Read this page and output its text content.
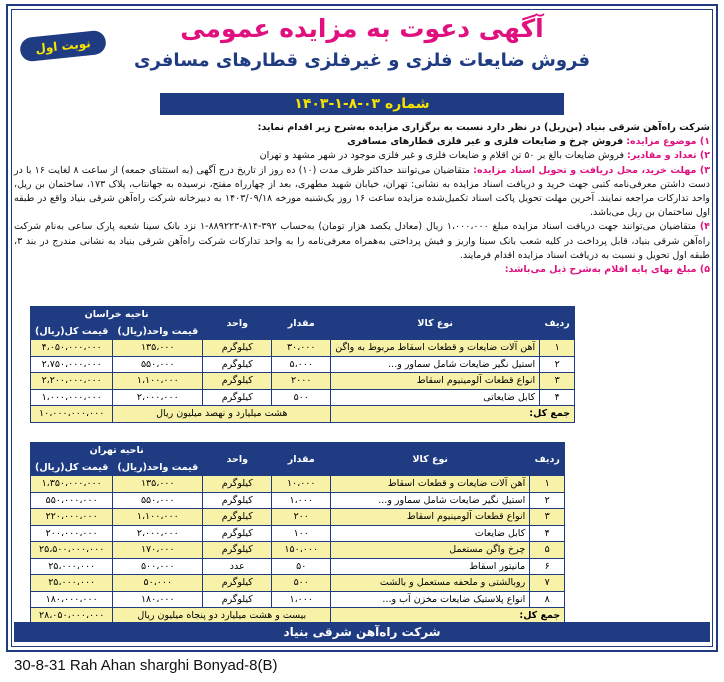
نوبت اول
آگهی دعوت به مزایده عمومی
فروش ضایعات فلزی و غیرفلزی قطارهای مسافری
شماره ۰۳-۸-۱-۱۴۰۳

شرکت راه‌آهن شرقی بنیاد (بن‌ریل) در نظر دارد نسبت به برگزاری مزایده به‌شرح زیر اقدام نماید:

۱) موضوع مزایده: فروش چرخ و ضایعات فلزی و غیر فلزی قطارهای مسافری

۲) تعداد و مقادیر: فروش ضایعات بالغ بر ۵۰ تن اقلام و ضایعات فلزی و غیر فلزی موجود در شهر مشهد و تهران

۳) مهلت خرید، محل دریافت و تحویل اسناد مزایده: متقاضیان می‌توانند حداکثر ظرف مدت (۱۰) ده روز از تاریخ درج آگهی (به استثنای جمعه) از ساعت ۸ لغایت ۱۶ با در دست داشتن معرفی‌نامه کتبی جهت خرید و دریافت اسناد مزایده به نشانی: تهران، خیابان شهید مطهری، بعد از چهارراه مفتح، نرسیده به جهانتاب، پلاک ۱۷۳، ساختمان بن ریل، واحد تدارکات مراجعه نمایند. آخرین مهلت تحویل پاکت اسناد تکمیل‌شده مزایده ساعت ۱۶ روز یک‌شنبه مورخه ۱۴۰۳/۰۹/۱۸ به دبیرخانه شرکت راه‌آهن شرقی بنیاد واقع در طبقه اول ساختمان بن ریل می‌باشد.

۴) متقاضیان می‌توانند جهت دریافت اسناد مزایده مبلغ ۱،۰۰۰،۰۰۰ ریال (معادل یکصد هزار تومان) به‌حساب ۳۹۲-۸۱۴-۸۸۹۲۲۳-۱ نزد بانک سینا شعبه پارک ساعی به‌نام شرکت راه‌آهن شرقی بنیاد، قابل پرداخت در کلیه شعب بانک سینا واریز و فیش پرداختی به‌همراه معرفی‌نامه را به واحد تدارکات شرکت راه‌آهن شرقی بنیاد به نشانی مندرج در بند ۳، طبقه اول تحویل و نسبت به دریافت اسناد مزایده اقدام فرمایند.

۵) مبلغ بهای پایه اقلام به‌شرح ذیل می‌باشد:

ردیف	نوع کالا	مقدار	واحد	ناحیه خراسان	
				قیمت واحد(ریال)	قیمت کل(ریال)
۱	آهن آلات ضایعات و قطعات اسقاط مربوط به واگن	۳۰،۰۰۰	کیلوگرم	۱۳۵،۰۰۰	۴،۰۵۰،۰۰۰،۰۰۰
۲	استیل نگیر ضایعات شامل سماور و...	۵،۰۰۰	کیلوگرم	۵۵۰،۰۰۰	۲،۷۵۰،۰۰۰،۰۰۰
۳	انواع قطعات آلومینیوم اسقاط	۲۰۰۰	کیلوگرم	۱،۱۰۰،۰۰۰	۲،۲۰۰،۰۰۰،۰۰۰
۴	کابل ضایعاتی	۵۰۰	کیلوگرم	۲،۰۰۰،۰۰۰	۱،۰۰۰،۰۰۰،۰۰۰
جمع کل:		هشت میلیارد و نهصد میلیون ریال			۱۰،۰۰۰،۰۰۰،۰۰۰
ردیف	نوع کالا	مقدار	واحد	ناحیه تهران	
				قیمت واحد(ریال)	قیمت کل(ریال)
۱	آهن آلات ضایعات و قطعات اسقاط	۱۰،۰۰۰	کیلوگرم	۱۳۵،۰۰۰	۱،۳۵۰،۰۰۰،۰۰۰
۲	استیل نگیر ضایعات شامل سماور و...	۱،۰۰۰	کیلوگرم	۵۵۰،۰۰۰	۵۵۰،۰۰۰،۰۰۰
۳	انواع قطعات آلومینیوم اسقاط	۲۰۰	کیلوگرم	۱،۱۰۰،۰۰۰	۲۲۰،۰۰۰،۰۰۰
۴	کابل ضایعات	۱۰۰	کیلوگرم	۲،۰۰۰،۰۰۰	۲۰۰،۰۰۰،۰۰۰
۵	چرخ واگن مستعمل	۱۵۰،۰۰۰	کیلوگرم	۱۷۰،۰۰۰	۲۵،۵۰۰،۰۰۰،۰۰۰
۶	مانیتور اسقاط	۵۰	عدد	۵۰۰،۰۰۰	۲۵،۰۰۰،۰۰۰
۷	روبالشتی و ملحفه مستعمل و بالشت	۵۰۰	کیلوگرم	۵۰،۰۰۰	۲۵،۰۰۰،۰۰۰
۸	انواع پلاستیک ضایعات مخزن آب و...	۱،۰۰۰	کیلوگرم	۱۸۰،۰۰۰	۱۸۰،۰۰۰،۰۰۰
جمع کل:		بیست و هشت میلیارد دو پنجاه میلیون ریال			۲۸،۰۵۰،۰۰۰،۰۰۰
شرکت راه‌آهن شرقی بنیاد
30-8-31 Rah Ahan sharghi Bonyad-8(B)
